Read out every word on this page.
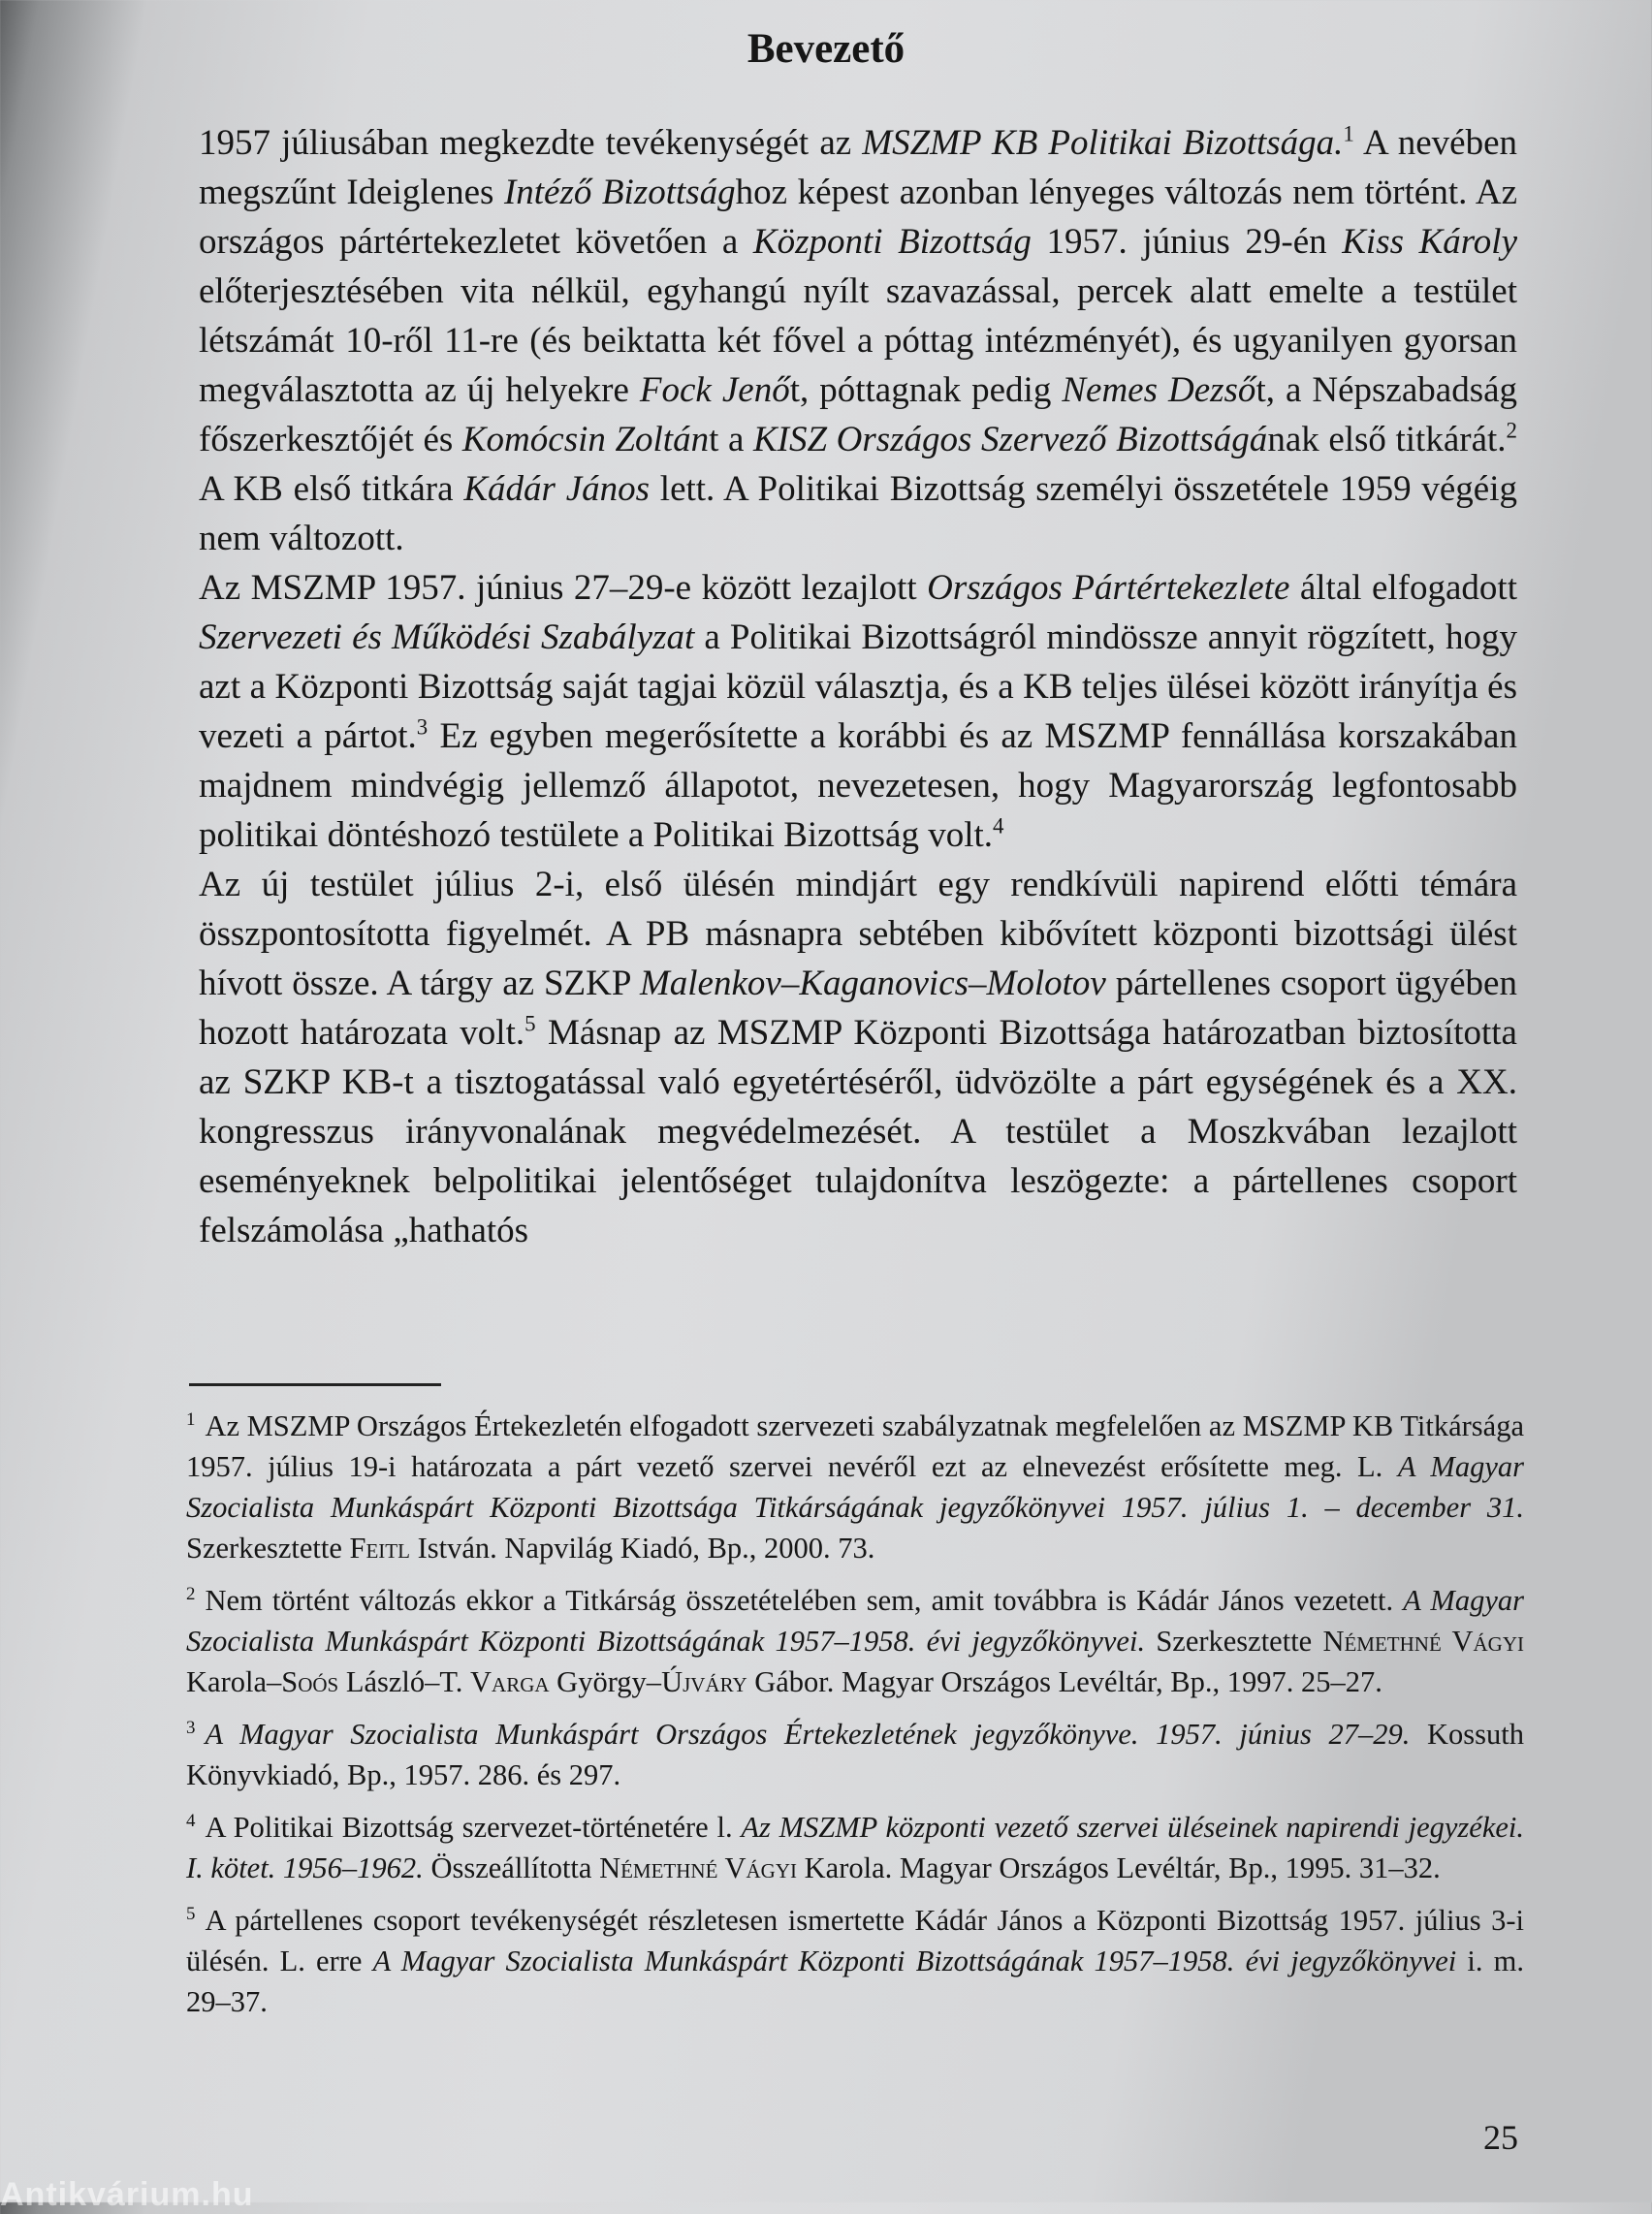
Bevezető

1957 júliusában megkezdte tevékenységét az MSZMP KB Politikai Bizottsága.$^1$ A nevében megszűnt Ideiglenes Intéző Bizottsághoz képest azonban lényeges változás nem történt. Az országos pártértekezletet követően a Központi Bizottság 1957. június 29-én Kiss Károly előterjesztésében vita nélkül, egyhangú nyílt szavazással, percek alatt emelte a testület létszámát 10-ről 11-re (és beiktatta két fővel a póttag intézményét), és ugyanilyen gyorsan megválasztotta az új helyekre Fock Jenőt, póttagnak pedig Nemes Dezsőt, a Népszabadság főszerkesztőjét és Komócsin Zoltánt a KISZ Országos Szervező Bizottságának első titkárát.$^2$ A KB első titkára Kádár János lett. A Politikai Bizottság személyi összetétele 1959 végéig nem változott.

Az MSZMP 1957. június 27–29-e között lezajlott Országos Pártértekezlete által elfogadott Szervezeti és Működési Szabályzat a Politikai Bizottságról mindössze annyit rögzített, hogy azt a Központi Bizottság saját tagjai közül választja, és a KB teljes ülései között irányítja és vezeti a pártot.$^3$ Ez egyben megerősítette a korábbi és az MSZMP fennállása korszakában majdnem mindvégig jellemző állapotot, nevezetesen, hogy Magyarország legfontosabb politikai döntéshozó testülete a Politikai Bizottság volt.$^4$

Az új testület július 2-i, első ülésén mindjárt egy rendkívüli napirend előtti témára összpontosította figyelmét. A PB másnapra sebtében kibővített központi bizottsági ülést hívott össze. A tárgy az SZKP Malenkov–Kaganovics–Molotov pártellenes csoport ügyében hozott határozata volt.$^5$ Másnap az MSZMP Központi Bizottsága határozatban biztosította az SZKP KB-t a tisztogatással való egyetértéséről, üdvözölte a párt egységének és a XX. kongresszus irányvonalának megvédelmezését. A testület a Moszkvában lezajlott eseményeknek belpolitikai jelentőséget tulajdonítva leszögezte: a pártellenes csoport felszámolása „hathatós

$^1$ Az MSZMP Országos Értekezletén elfogadott szervezeti szabályzatnak megfelelően az MSZMP KB Titkársága 1957. július 19-i határozata a párt vezető szervei nevéről ezt az elnevezést erősítette meg. L. A Magyar Szocialista Munkáspárt Központi Bizottsága Titkárságának jegyzőkönyvei 1957. július 1. – december 31. Szerkesztette Feitl István. Napvilág Kiadó, Bp., 2000. 73.
$^2$ Nem történt változás ekkor a Titkárság összetételében sem, amit továbbra is Kádár János vezetett. A Magyar Szocialista Munkáspárt Központi Bizottságának 1957–1958. évi jegyzőkönyvei. Szerkesztette Némethné Vágyi Karola–Soós László–T. Varga György–Újváry Gábor. Magyar Országos Levéltár, Bp., 1997. 25–27.
$^3$ A Magyar Szocialista Munkáspárt Országos Értekezletének jegyzőkönyve. 1957. június 27–29. Kossuth Könyvkiadó, Bp., 1957. 286. és 297.
$^4$ A Politikai Bizottság szervezet-történetére l. Az MSZMP központi vezető szervei üléseinek napirendi jegyzékei. I. kötet. 1956–1962. Összeállította Némethné Vágyi Karola. Magyar Országos Levéltár, Bp., 1995. 31–32.
$^5$ A pártellenes csoport tevékenységét részletesen ismertette Kádár János a Központi Bizottság 1957. július 3-i ülésén. L. erre A Magyar Szocialista Munkáspárt Központi Bizottságának 1957–1958. évi jegyzőkönyvei i. m. 29–37.
25
Antikvárium.hu
